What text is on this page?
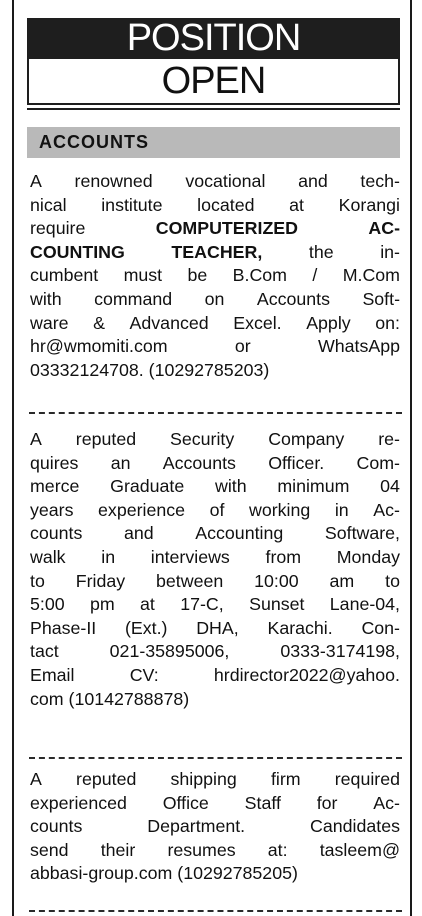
POSITION
OPEN
ACCOUNTS
A renowned vocational and tech-
nical institute located at Korangi
require	COMPUTERIZED	AC-
COUNTING	TEACHER,	the	in-
cumbent must be B.Com / M.Com
with command on Accounts Soft-
ware & Advanced Excel. Apply on:
hr@wmomiti.com	or	WhatsApp
03332124708. (10292785203)
A reputed Security Company re-
quires an Accounts Officer. Com-
merce Graduate with minimum 04
years experience of working in Ac-
counts and Accounting Software,
walk in interviews from Monday
to Friday between 10:00 am to
5:00 pm at 17-C, Sunset Lane-04,
Phase-II (Ext.) DHA, Karachi. Con-
tact	021-35895006,	0333-3174198,
Email	CV:	hrdirector2022@yahoo.
com (10142788878)
A reputed shipping firm required
experienced Office Staff for Ac-
counts	Department.	Candidates
send their resumes at: tasleem@
abbasi-group.com (10292785205)
